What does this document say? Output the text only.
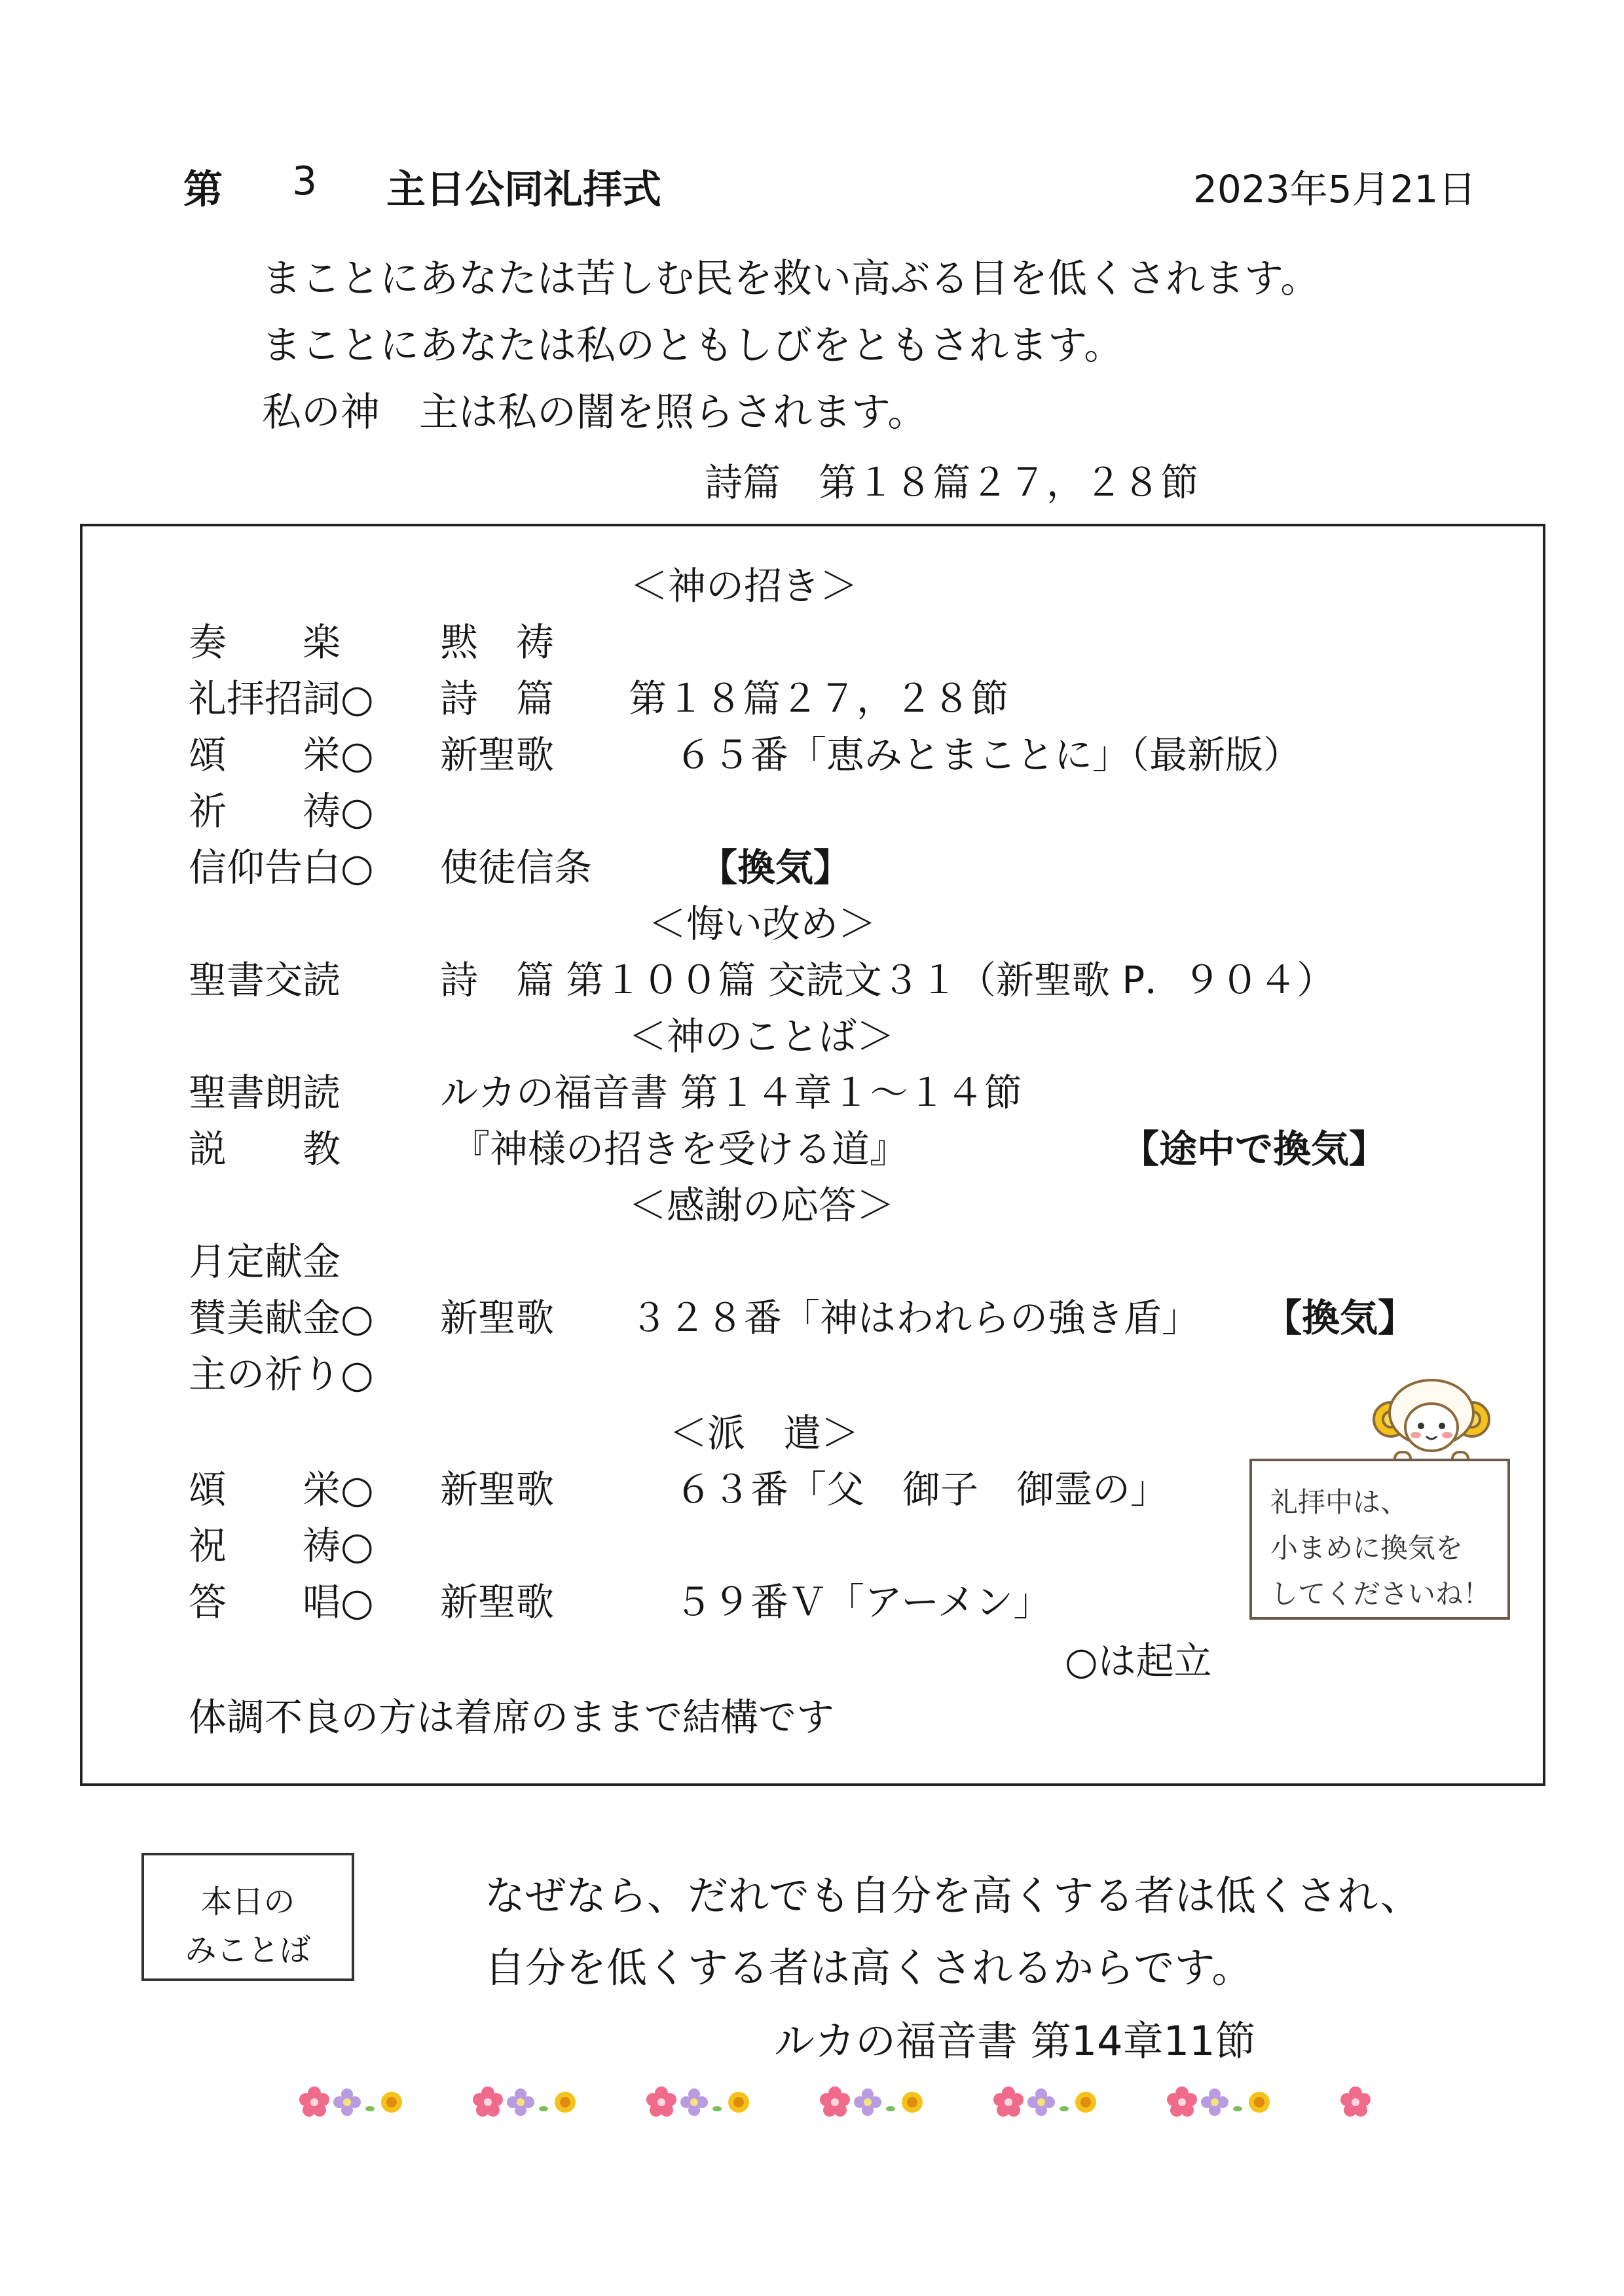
第 3 主日公同礼拝式	2023年5月21日
まことにあなたは苦しむ民を救い高ぶる目を低くされます。
まことにあなたは私のともしびをともされます。
私の神　主は私の闇を照らされます。
詩篇　第１８篇２７，２８節
＜神の招き＞
奏　　楽	黙　祷
礼拝招詞○ 詩　篇 第１８篇２７，２８節
頌　　栄○ 新聖歌	６５番「恵みとまことに」（最新版）
祈　　祷○
信仰告白○ 使徒信条	【換気】
＜悔い改め＞
聖書交読	詩　篇 第１００篇 交読文３１（新聖歌 P．９０４）
＜神のことば＞
聖書朗読	ルカの福音書 第１４章１～１４節
説　　教	『神様の招きを受ける道』	【途中で換気】
＜感謝の応答＞
月定献金
賛美献金○ 新聖歌 ３２８番「神はわれらの強き盾」 【換気】
主の祈り○
＜派　遣＞
頌　　栄○ 新聖歌	６３番「父　御子　御霊の」
祝　　祷○
答　　唱○ 新聖歌	５９番Ｖ「アーメン」
○は起立
体調不良の方は着席のままで結構です
礼拝中は、
小まめに換気を
してくださいね！
本日の
みことば
なぜなら、だれでも自分を高くする者は低くされ、
自分を低くする者は高くされるからです。
ルカの福音書 第14章11節
